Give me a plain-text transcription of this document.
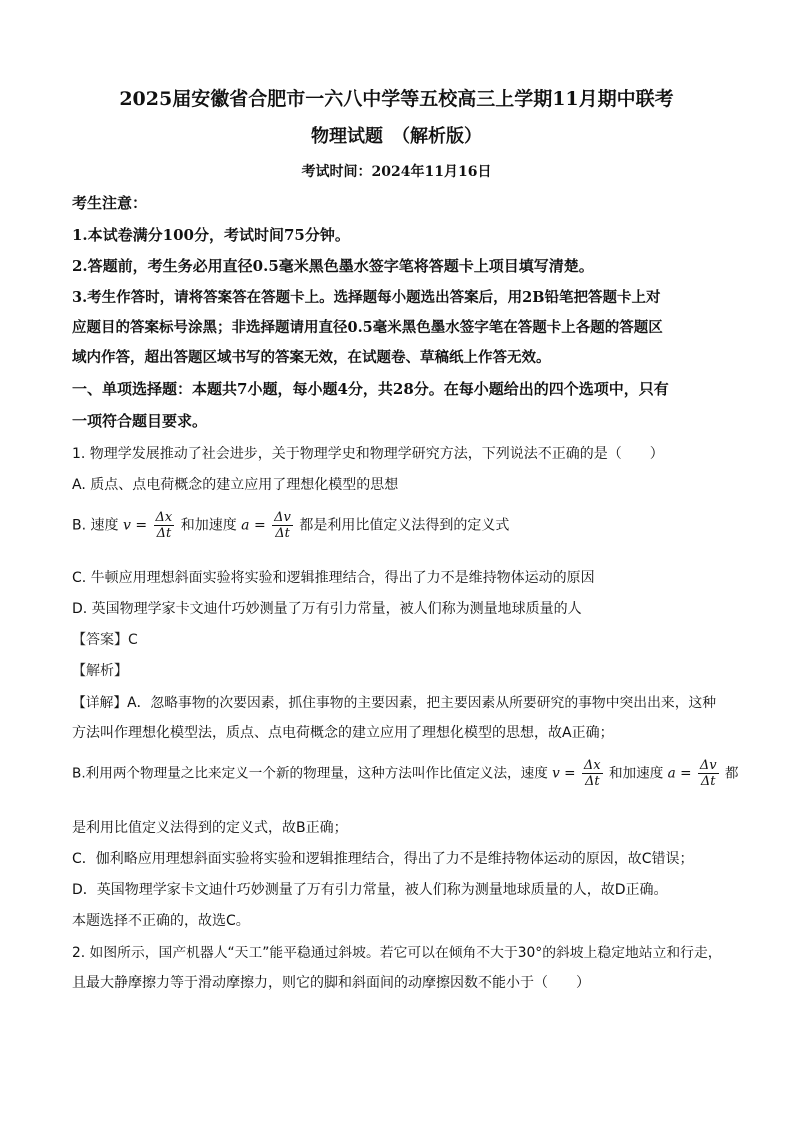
2025届安徽省合肥市一六八中学等五校高三上学期11月期中联考
物理试题　（解析版）
考试时间：2024年11月16日
考生注意：
1.本试卷满分100分，考试时间75分钟。
2.答题前，考生务必用直径0.5毫米黑色墨水签字笔将答题卡上项目填写清楚。
3.考生作答时，请将答案答在答题卡上。选择题每小题选出答案后，用2B铅笔把答题卡上对
应题目的答案标号涂黑；非选择题请用直径0.5毫米黑色墨水签字笔在答题卡上各题的答题区
域内作答，超出答题区域书写的答案无效，在试题卷、草稿纸上作答无效。
一、单项选择题：本题共7小题，每小题4分，共28分。在每小题给出的四个选项中，只有
一项符合题目要求。
1. 物理学发展推动了社会进步，关于物理学史和物理学研究方法，下列说法不正确的是（　　）
A. 质点、点电荷概念的建立应用了理想化模型的思想
B. 速度 $v = \frac{\Delta x}{\Delta t}$ 和加速度 $a = \frac{\Delta v}{\Delta t}$ 都是利用比值定义法得到的定义式
C. 牛顿应用理想斜面实验将实验和逻辑推理结合，得出了力不是维持物体运动的原因
D. 英国物理学家卡文迪什巧妙测量了万有引力常量，被人们称为测量地球质量的人
【答案】C
【解析】
【详解】A．忽略事物的次要因素，抓住事物的主要因素，把主要因素从所要研究的事物中突出出来，这种
方法叫作理想化模型法，质点、点电荷概念的建立应用了理想化模型的思想，故A正确；
B.利用两个物理量之比来定义一个新的物理量，这种方法叫作比值定义法，速度 $v = \frac{\Delta x}{\Delta t}$ 和加速度 $a = \frac{\Delta v}{\Delta t}$ 都
是利用比值定义法得到的定义式，故B正确；
C．伽利略应用理想斜面实验将实验和逻辑推理结合，得出了力不是维持物体运动的原因，故C错误；
D．英国物理学家卡文迪什巧妙测量了万有引力常量，被人们称为测量地球质量的人，故D正确。
本题选择不正确的，故选C。
2. 如图所示，国产机器人“天工”能平稳通过斜坡。若它可以在倾角不大于30°的斜坡上稳定地站立和行走，
且最大静摩擦力等于滑动摩擦力，则它的脚和斜面间的动摩擦因数不能小于（　　）
